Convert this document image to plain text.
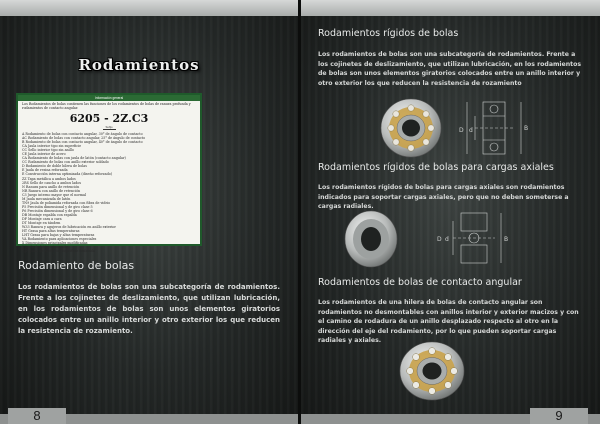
Rodamientos
Información general
Los Rodamientos de bolas contienen las funciones de los rodamientos de bolas de ranura profunda y rodamientos de contacto angular.
6205 - 2Z.C3
Sufijo
A Rodamiento de bolas con contacto angular, 30° de ángulo de contacto
AC Rodamiento de bolas con contacto angular, 25° de ángulo de contacto
B Rodamiento de bolas con contacto angular, 40° de ángulo de contacto
CA Jaula interior tipo sin superficie
CC Sello interior tipo sin anillo
CE Jaula interior de acero
CA Rodamiento de bolas con jaula de latón (contacto angular)
CC Rodamiento de bolas con anillo exterior soldado
D Rodamiento de doble hilera de bolas
E Jaula de resina reforzada
E Construcción interna optimizada (diseño reforzado)
ZZ Tapa metálica a ambos lados
2RS Sello de caucho a ambos lados
N Ranura para anillo de retención
NR Ranura con anillo de retención
C3 Juego interno mayor que el normal
M Jaula mecanizada de latón
TN9 Jaula de poliamida reforzada con fibra de vidrio
P5 Precisión dimensional y de giro clase 5
P6 Precisión dimensional y de giro clase 6
DB Montaje espalda con espalda
DF Montaje cara a cara
DT Montaje en tándem
W33 Ranura y agujeros de lubricación en anillo exterior
HT Grasa para altas temperaturas
LHT Grasa para bajas y altas temperaturas
VA Rodamiento para aplicaciones especiales
X Dimensiones principales modificadas
Y Jaula de latón estampado
GJN Jaula de acero con superficie fosfatada
Rodamiento de bolas
Los rodamientos de bolas son una subcategoría de rodamientos. Frente a los cojinetes de deslizamiento, que utilizan lubricación, en los rodamientos de bolas son unos elementos giratorios colocados entre un anillo interior y otro exterior los que reducen la resistencia de rozamiento.
8
Rodamientos rígidos de bolas
Los rodamientos de bolas son una subcategoría de rodamientos. Frente a los cojinetes de deslizamiento, que utilizan lubricación, en los rodamientos de bolas son unos elementos giratorios colocados entre un anillo interior y otro exterior los que reducen la resistencia de rozamiento
B
d
D
Rodamientos rígidos de bolas para cargas axiales
Los rodamientos rígidos de bolas para cargas axiales son rodamientos indicados para soportar cargas axiales, pero que no deben someterse a cargas radiales.
B
d
D
Rodamientos de bolas de contacto angular
Los rodamientos de una hilera de bolas de contacto angular son rodamientos no desmontables con anillos interior y exterior macizos y con el camino de rodadura de un anillo desplazado respecto al otro en la dirección del eje del rodamiento, por lo que pueden soportar cargas radiales y axiales.
9
